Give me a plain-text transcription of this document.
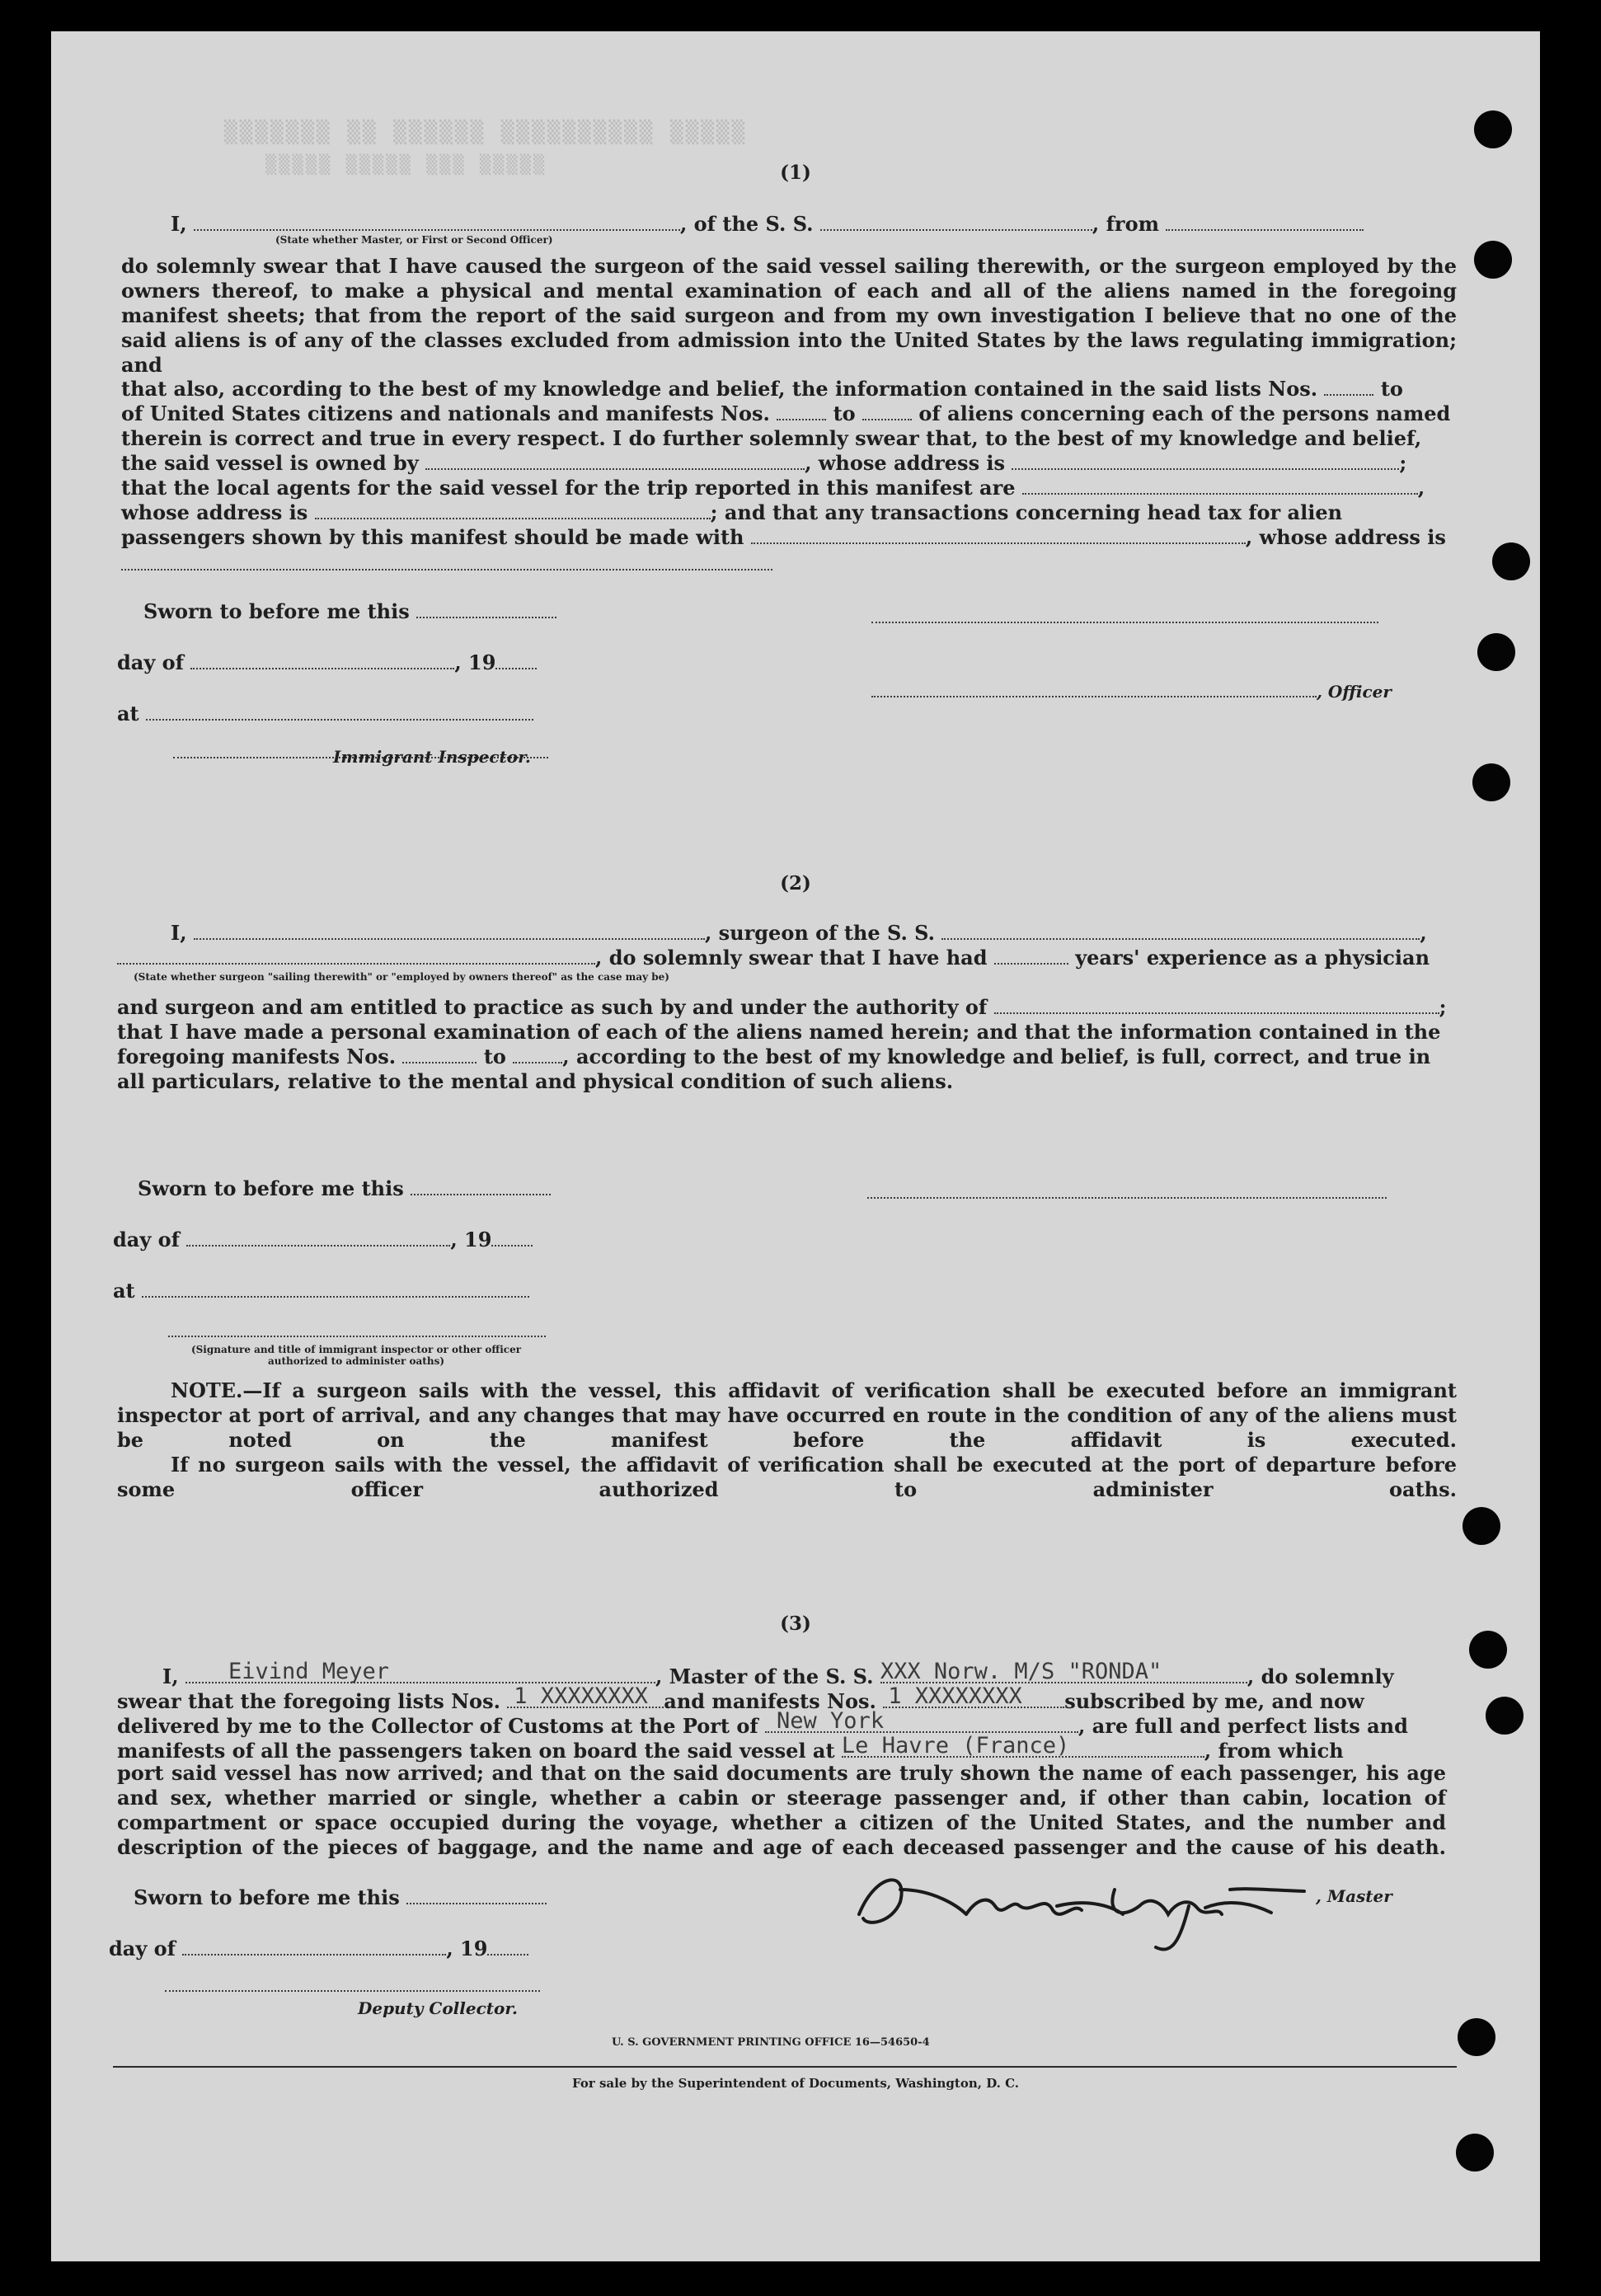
▒▒▒▒▒▒▒ ▒▒ ▒▒▒▒▒▒ ▒▒▒▒▒▒▒▒▒▒ ▒▒▒▒▒
▒▒▒▒▒ ▒▒▒▒▒ ▒▒▒ ▒▒▒▒▒	(1)
I,	, of the S. S.	, from
(State whether Master, or First or Second Officer)
do solemnly swear that I have caused the surgeon of the said vessel sailing therewith, or the surgeon employed by the owners thereof, to make a physical and mental examination of each and all of the aliens named in the foregoing manifest sheets; that from the report of the said surgeon and from my own investigation I believe that no one of the said aliens is of any of the classes excluded from admission into the United States by the laws regulating immigration; and
that also, according to the best of my knowledge and belief, the information contained in the said lists Nos.	to
of United States citizens and nationals and manifests Nos.	to	of aliens concerning each of the persons named
therein is correct and true in every respect. I do further solemnly swear that, to the best of my knowledge and belief,
the said vessel is owned by	, whose address is	;
that the local agents for the said vessel for the trip reported in this manifest are	,
whose address is	; and that any transactions concerning head tax for alien
passengers shown by this manifest should be made with	, whose address is
Sworn to before me this
day of	, 19
, Officer
at
Immigrant Inspector.
(2)
I,	, surgeon of the S. S.	,
, do solemnly swear that I have had	years' experience as a physician
(State whether surgeon "sailing therewith" or "employed by owners thereof" as the case may be)
and surgeon and am entitled to practice as such by and under the authority of	;
that I have made a personal examination of each of the aliens named herein; and that the information contained in the
foregoing manifests Nos.	to	, according to the best of my knowledge and belief, is full, correct, and true in
all particulars, relative to the mental and physical condition of such aliens.
Sworn to before me this
day of	, 19
at
(Signature and title of immigrant inspector or other officer authorized to administer oaths)
NOTE.—If a surgeon sails with the vessel, this affidavit of verification shall be executed before an immigrant inspector at port of arrival, and any changes that may have occurred en route in the condition of any of the aliens must be noted on the manifest before the affidavit is executed.
If no surgeon sails with the vessel, the affidavit of verification shall be executed at the port of departure before some officer authorized to administer oaths.
(3)
I, Eivind Meyer	, Master of the S. S. XXX Norw. M/S "RONDA"	, do solemnly
swear that the foregoing lists Nos. 1 XXXXXXXX and manifests Nos. 1 XXXXXXXX subscribed by me, and now
delivered by me to the Collector of Customs at the Port of New York	, are full and perfect lists and
manifests of all the passengers taken on board the said vessel at Le Havre (France)	, from which
port said vessel has now arrived; and that on the said documents are truly shown the name of each passenger, his age and sex, whether married or single, whether a cabin or steerage passenger and, if other than cabin, location of compartment or space occupied during the voyage, whether a citizen of the United States, and the number and description of the pieces of baggage, and the name and age of each deceased passenger and the cause of his death.
Sworn to before me this	, Master
day of	, 19
Deputy Collector.
U. S. GOVERNMENT PRINTING OFFICE 16—54650-4
For sale by the Superintendent of Documents, Washington, D. C.
